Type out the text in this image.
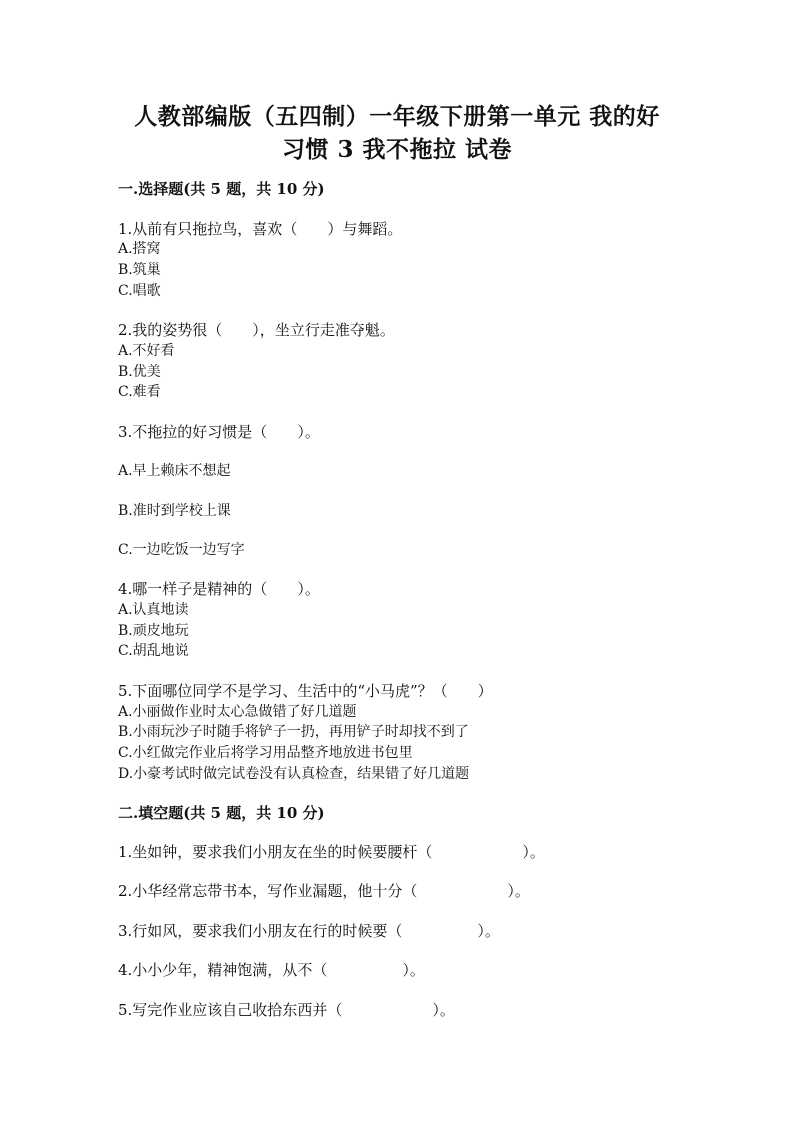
人教部编版（五四制）一年级下册第一单元 我的好
习惯 3 我不拖拉 试卷
一.选择题(共 5 题，共 10 分)
1.从前有只拖拉鸟，喜欢（　　）与舞蹈。
A.搭窝
B.筑巢
C.唱歌
2.我的姿势很（　　），坐立行走准夺魁。
A.不好看
B.优美
C.难看
3.不拖拉的好习惯是（　　）。
A.早上赖床不想起
B.准时到学校上课
C.一边吃饭一边写字
4.哪一样子是精神的（　　）。
A.认真地读
B.顽皮地玩
C.胡乱地说
5.下面哪位同学不是学习、生活中的“小马虎”？（　　）
A.小丽做作业时太心急做错了好几道题
B.小雨玩沙子时随手将铲子一扔，再用铲子时却找不到了
C.小红做完作业后将学习用品整齐地放进书包里
D.小豪考试时做完试卷没有认真检查，结果错了好几道题
二.填空题(共 5 题，共 10 分)
1.坐如钟，要求我们小朋友在坐的时候要腰杆（　　　　　　）。
2.小华经常忘带书本，写作业漏题，他十分（　　　　　　）。
3.行如风，要求我们小朋友在行的时候要（　　　　　）。
4.小小少年，精神饱满，从不（　　　　　）。
5.写完作业应该自己收拾东西并（　　　　　　）。
